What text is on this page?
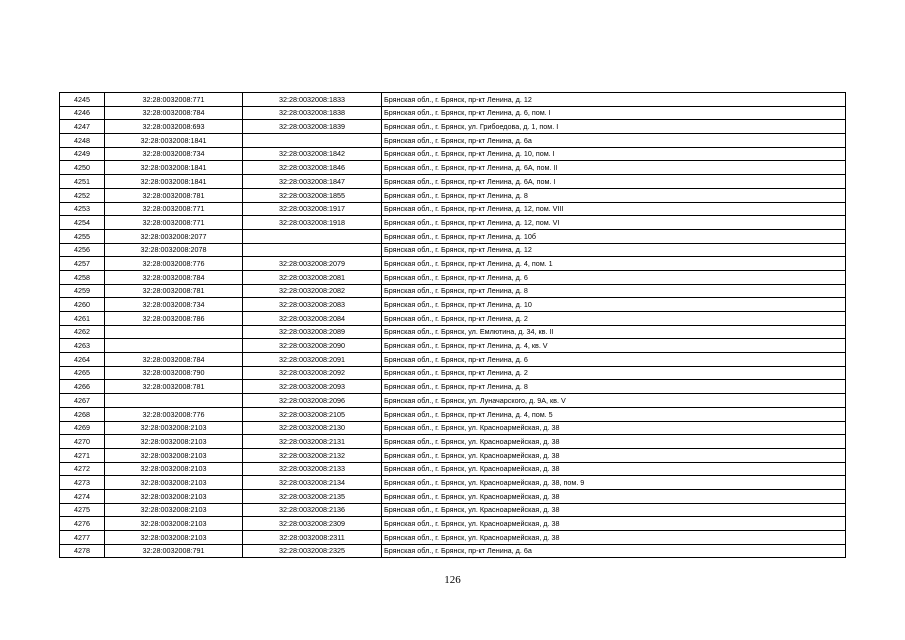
4245	32:28:0032008:771	32:28:0032008:1833	Брянская обл., г. Брянск, пр-кт Ленина, д. 12
4246	32:28:0032008:784	32:28:0032008:1838	Брянская обл., г. Брянск, пр-кт Ленина, д. 6, пом. I
4247	32:28:0032008:693	32:28:0032008:1839	Брянская обл., г. Брянск, ул. Грибоедова, д. 1, пом. I
4248	32:28:0032008:1841		Брянская обл., г. Брянск, пр-кт Ленина, д. 6а
4249	32:28:0032008:734	32:28:0032008:1842	Брянская обл., г. Брянск, пр-кт Ленина, д. 10, пом. I
4250	32:28:0032008:1841	32:28:0032008:1846	Брянская обл., г. Брянск, пр-кт Ленина, д. 6А, пом. II
4251	32:28:0032008:1841	32:28:0032008:1847	Брянская обл., г. Брянск, пр-кт Ленина, д. 6А, пом. I
4252	32:28:0032008:781	32:28:0032008:1855	Брянская обл., г. Брянск, пр-кт Ленина, д. 8
4253	32:28:0032008:771	32:28:0032008:1917	Брянская обл., г. Брянск, пр-кт Ленина, д. 12, пом. VIII
4254	32:28:0032008:771	32:28:0032008:1918	Брянская обл., г. Брянск, пр-кт Ленина, д. 12, пом. VI
4255	32:28:0032008:2077		Брянская обл., г. Брянск, пр-кт Ленина, д. 10б
4256	32:28:0032008:2078		Брянская обл., г. Брянск, пр-кт Ленина, д. 12
4257	32:28:0032008:776	32:28:0032008:2079	Брянская обл., г. Брянск, пр-кт Ленина, д. 4, пом. 1
4258	32:28:0032008:784	32:28:0032008:2081	Брянская обл., г. Брянск, пр-кт Ленина, д. 6
4259	32:28:0032008:781	32:28:0032008:2082	Брянская обл., г. Брянск, пр-кт Ленина, д. 8
4260	32:28:0032008:734	32:28:0032008:2083	Брянская обл., г. Брянск, пр-кт Ленина, д. 10
4261	32:28:0032008:786	32:28:0032008:2084	Брянская обл., г. Брянск, пр-кт Ленина, д. 2
4262		32:28:0032008:2089	Брянская обл., г. Брянск, ул. Емлютина, д. 34, кв. II
4263		32:28:0032008:2090	Брянская обл., г. Брянск, пр-кт Ленина, д. 4, кв. V
4264	32:28:0032008:784	32:28:0032008:2091	Брянская обл., г. Брянск, пр-кт Ленина, д. 6
4265	32:28:0032008:790	32:28:0032008:2092	Брянская обл., г. Брянск, пр-кт Ленина, д. 2
4266	32:28:0032008:781	32:28:0032008:2093	Брянская обл., г. Брянск, пр-кт Ленина, д. 8
4267		32:28:0032008:2096	Брянская обл., г. Брянск, ул. Луначарского, д. 9А, кв. V
4268	32:28:0032008:776	32:28:0032008:2105	Брянская обл., г. Брянск, пр-кт Ленина, д. 4, пом. 5
4269	32:28:0032008:2103	32:28:0032008:2130	Брянская обл., г. Брянск, ул. Красноармейская, д. 38
4270	32:28:0032008:2103	32:28:0032008:2131	Брянская обл., г. Брянск, ул. Красноармейская, д. 38
4271	32:28:0032008:2103	32:28:0032008:2132	Брянская обл., г. Брянск, ул. Красноармейская, д. 38
4272	32:28:0032008:2103	32:28:0032008:2133	Брянская обл., г. Брянск, ул. Красноармейская, д. 38
4273	32:28:0032008:2103	32:28:0032008:2134	Брянская обл., г. Брянск, ул. Красноармейская, д. 38, пом. 9
4274	32:28:0032008:2103	32:28:0032008:2135	Брянская обл., г. Брянск, ул. Красноармейская, д. 38
4275	32:28:0032008:2103	32:28:0032008:2136	Брянская обл., г. Брянск, ул. Красноармейская, д. 38
4276	32:28:0032008:2103	32:28:0032008:2309	Брянская обл., г. Брянск, ул. Красноармейская, д. 38
4277	32:28:0032008:2103	32:28:0032008:2311	Брянская обл., г. Брянск, ул. Красноармейская, д. 38
4278	32:28:0032008:791	32:28:0032008:2325	Брянская обл., г. Брянск, пр-кт Ленина, д. 6а
126
